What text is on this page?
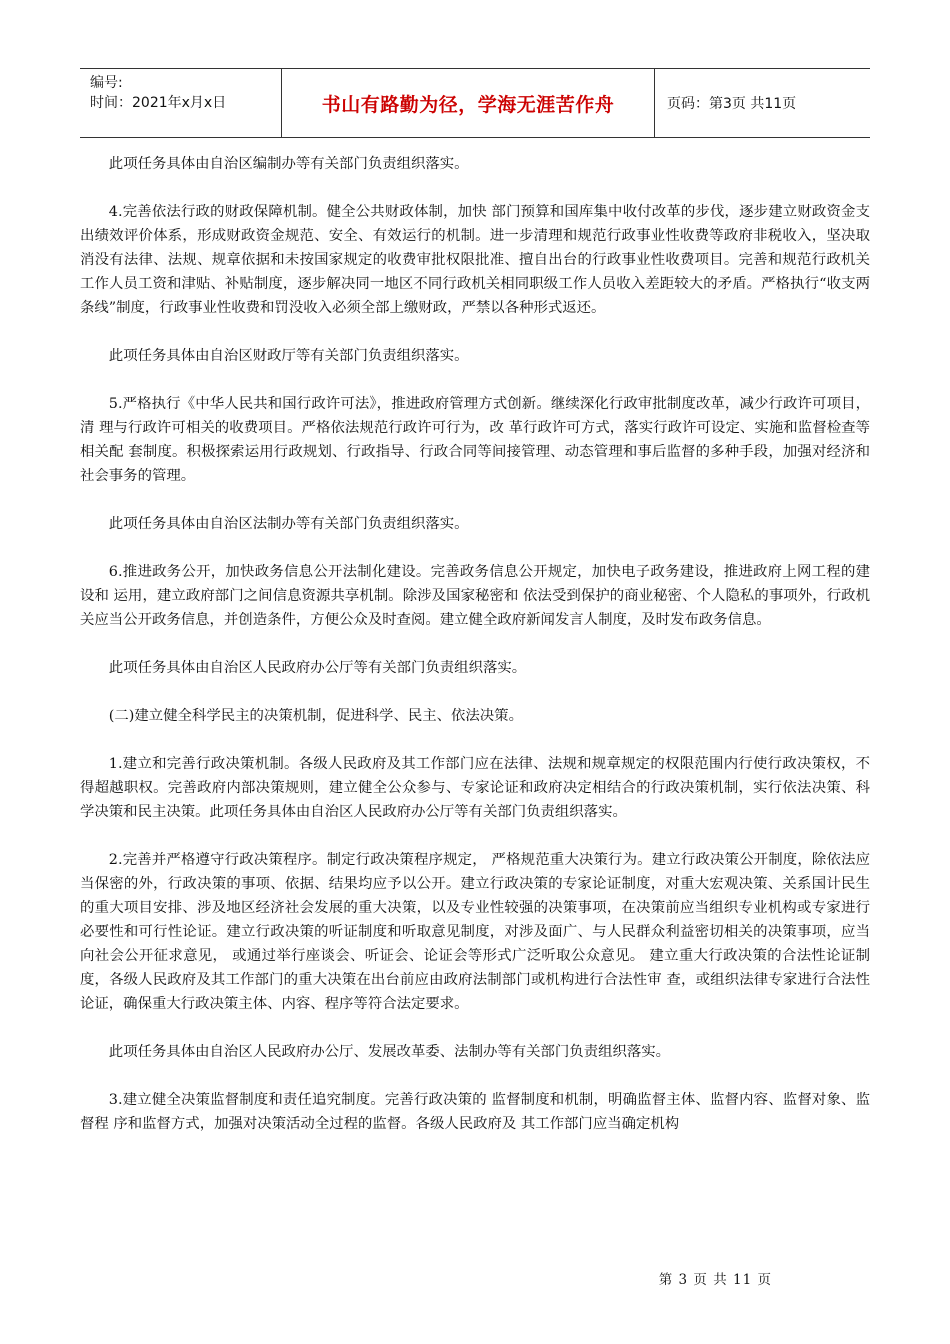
编号:
时间：2021年x月x日	书山有路勤为径，学海无涯苦作舟	页码：第3页 共11页

此项任务具体由自治区编制办等有关部门负责组织落实。

4.完善依法行政的财政保障机制。健全公共财政体制，加快 部门预算和国库集中收付改革的步伐，逐步建立财政资金支出绩效评价体系，形成财政资金规范、安全、有效运行的机制。进一步清理和规范行政事业性收费等政府非税收入，坚决取消没有法律、法规、规章依据和未按国家规定的收费审批权限批准、擅自出台的行政事业性收费项目。完善和规范行政机关工作人员工资和津贴、补贴制度，逐步解决同一地区不同行政机关相同职级工作人员收入差距较大的矛盾。严格执行“收支两条线”制度，行政事业性收费和罚没收入必须全部上缴财政，严禁以各种形式返还。

此项任务具体由自治区财政厅等有关部门负责组织落实。

5.严格执行《中华人民共和国行政许可法》，推进政府管理方式创新。继续深化行政审批制度改革，减少行政许可项目，清 理与行政许可相关的收费项目。严格依法规范行政许可行为，改 革行政许可方式，落实行政许可设定、实施和监督检查等相关配 套制度。积极探索运用行政规划、行政指导、行政合同等间接管理、动态管理和事后监督的多种手段，加强对经济和社会事务的管理。

此项任务具体由自治区法制办等有关部门负责组织落实。

6.推进政务公开，加快政务信息公开法制化建设。完善政务信息公开规定，加快电子政务建设，推进政府上网工程的建设和 运用，建立政府部门之间信息资源共享机制。除涉及国家秘密和 依法受到保护的商业秘密、个人隐私的事项外，行政机关应当公开政务信息，并创造条件，方便公众及时查阅。建立健全政府新闻发言人制度，及时发布政务信息。

此项任务具体由自治区人民政府办公厅等有关部门负责组织落实。

(二)建立健全科学民主的决策机制，促进科学、民主、依法决策。

1.建立和完善行政决策机制。各级人民政府及其工作部门应在法律、法规和规章规定的权限范围内行使行政决策权，不得超越职权。完善政府内部决策规则，建立健全公众参与、专家论证和政府决定相结合的行政决策机制，实行依法决策、科学决策和民主决策。此项任务具体由自治区人民政府办公厅等有关部门负责组织落实。

2.完善并严格遵守行政决策程序。制定行政决策程序规定， 严格规范重大决策行为。建立行政决策公开制度，除依法应当保密的外，行政决策的事项、依据、结果均应予以公开。建立行政决策的专家论证制度，对重大宏观决策、关系国计民生的重大项目安排、涉及地区经济社会发展的重大决策，以及专业性较强的决策事项，在决策前应当组织专业机构或专家进行必要性和可行性论证。建立行政决策的听证制度和听取意见制度，对涉及面广、与人民群众利益密切相关的决策事项，应当向社会公开征求意见， 或通过举行座谈会、听证会、论证会等形式广泛听取公众意见。 建立重大行政决策的合法性论证制度，各级人民政府及其工作部门的重大决策在出台前应由政府法制部门或机构进行合法性审 查，或组织法律专家进行合法性论证，确保重大行政决策主体、内容、程序等符合法定要求。

此项任务具体由自治区人民政府办公厅、发展改革委、法制办等有关部门负责组织落实。

3.建立健全决策监督制度和责任追究制度。完善行政决策的 监督制度和机制，明确监督主体、监督内容、监督对象、监督程 序和监督方式，加强对决策活动全过程的监督。各级人民政府及 其工作部门应当确定机构

第 3 页 共 11 页
